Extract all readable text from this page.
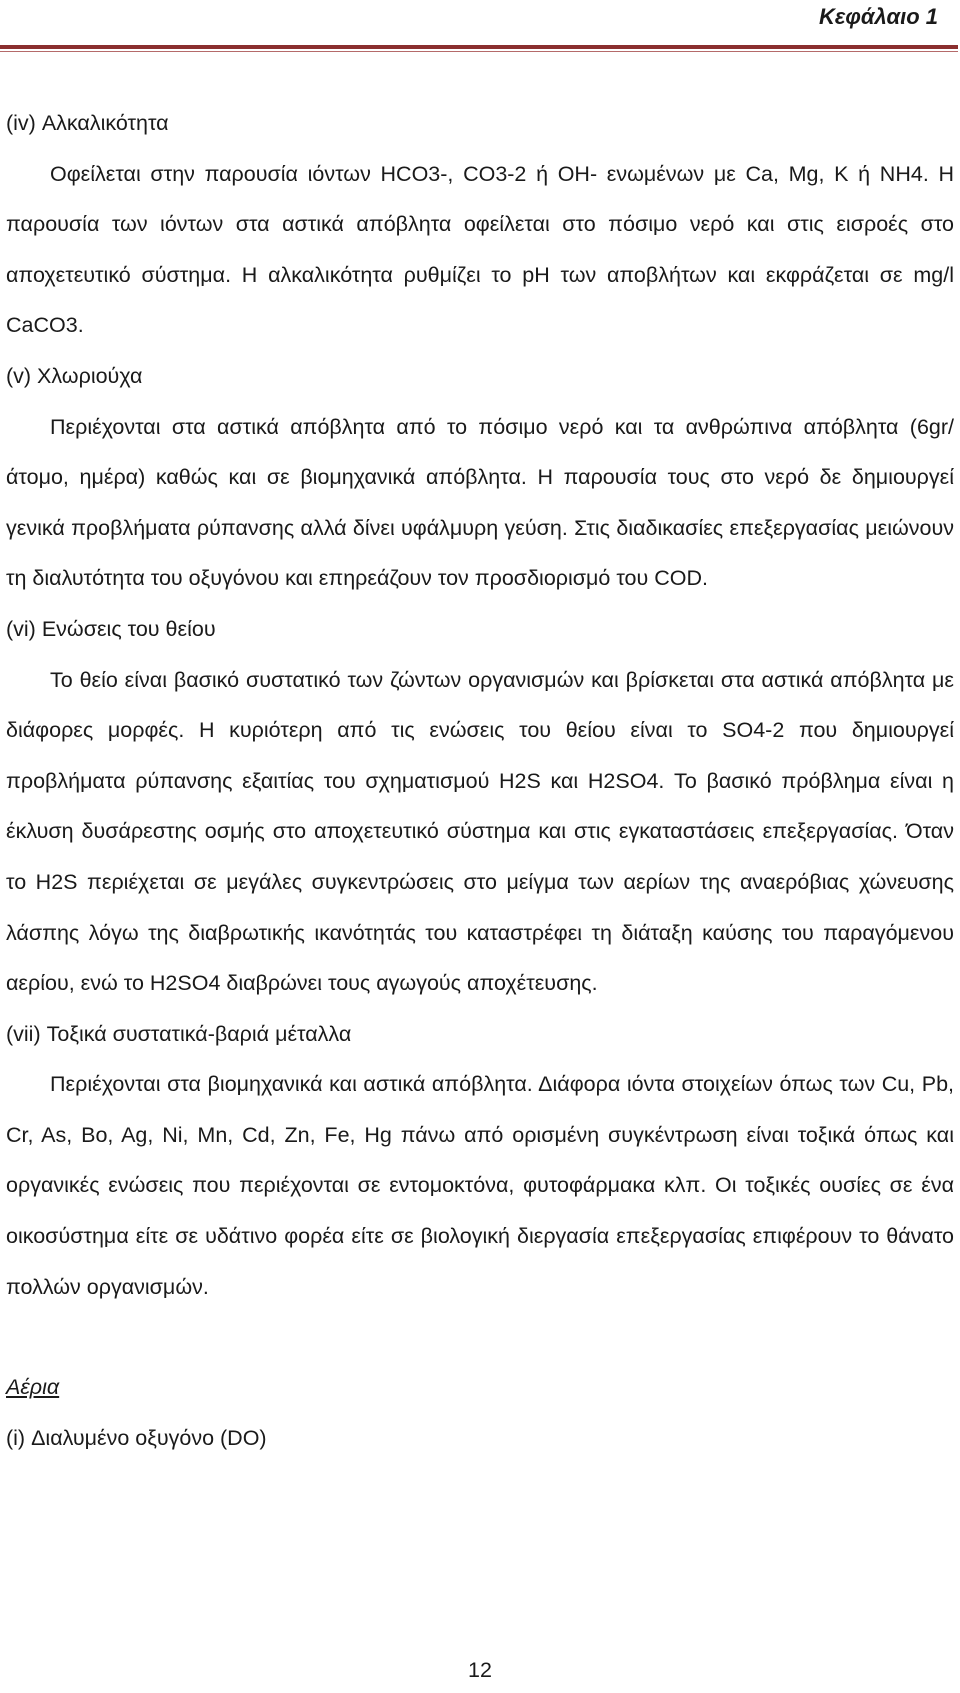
Κεφάλαιο 1

(iv) Αλκαλικότητα

Οφείλεται στην παρουσία ιόντων HCO3-, CO3-2 ή OH- ενωμένων με Ca, Mg, K ή NH4. Η παρουσία των ιόντων στα αστικά απόβλητα οφείλεται στο πόσιμο νερό και στις εισροές στο αποχετευτικό σύστημα. Η αλκαλικότητα ρυθμίζει το pH των αποβλήτων και εκφράζεται σε mg/l CaCO3.

(v) Χλωριούχα

Περιέχονται στα αστικά απόβλητα από το πόσιμο νερό και τα ανθρώπινα απόβλητα (6gr/ άτομο, ημέρα) καθώς και σε βιομηχανικά απόβλητα. Η παρουσία τους στο νερό δε δημιουργεί γενικά προβλήματα ρύπανσης αλλά δίνει υφάλμυρη γεύση. Στις διαδικασίες επεξεργασίας μειώνουν τη διαλυτότητα του οξυγόνου και επηρεάζουν τον προσδιορισμό του COD.

(vi) Ενώσεις του θείου

Το θείο είναι βασικό συστατικό των ζώντων οργανισμών και βρίσκεται στα αστικά απόβλητα με διάφορες μορφές. Η κυριότερη από τις ενώσεις του θείου είναι το SO4-2 που δημιουργεί προβλήματα ρύπανσης εξαιτίας του σχηματισμού H2S και H2SO4. Το βασικό πρόβλημα είναι η έκλυση δυσάρεστης οσμής στο αποχετευτικό σύστημα και στις εγκαταστάσεις επεξεργασίας. Όταν το H2S περιέχεται σε μεγάλες συγκεντρώσεις στο μείγμα των αερίων της αναερόβιας χώνευσης λάσπης λόγω της διαβρωτικής ικανότητάς του καταστρέφει τη διάταξη καύσης του παραγόμενου αερίου, ενώ το H2SO4 διαβρώνει τους αγωγούς αποχέτευσης.

(vii) Τοξικά συστατικά-βαριά μέταλλα

Περιέχονται στα βιομηχανικά και αστικά απόβλητα. Διάφορα ιόντα στοιχείων όπως των Cu, Pb, Cr, As, Bo, Ag, Ni, Mn, Cd, Zn, Fe, Hg πάνω από ορισμένη συγκέντρωση είναι τοξικά όπως και οργανικές ενώσεις που περιέχονται σε εντομοκτόνα, φυτοφάρμακα κλπ. Οι τοξικές ουσίες σε ένα οικοσύστημα είτε σε υδάτινο φορέα είτε σε βιολογική διεργασία επεξεργασίας επιφέρουν το θάνατο πολλών οργανισμών.

Αέρια

(i) Διαλυμένο οξυγόνο (DO)

12
